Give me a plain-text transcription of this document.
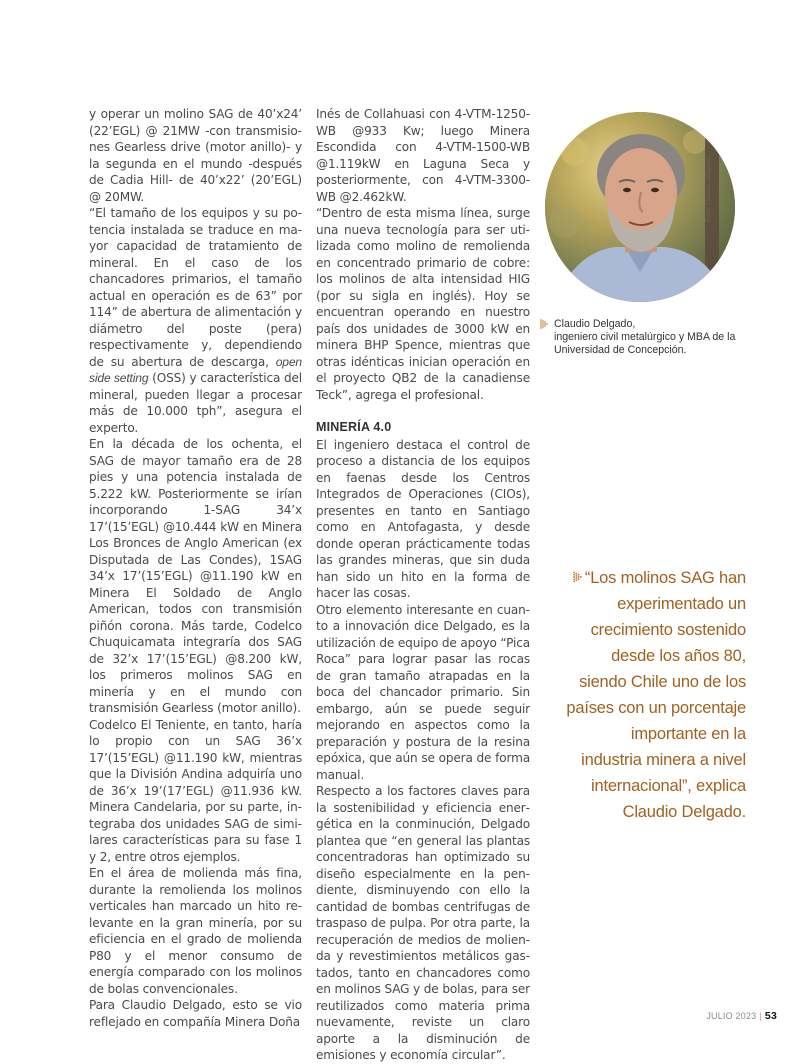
y operar un molino SAG de 40’x24’ (22’EGL) @ 21MW -con transmisiones Gearless drive (motor anillo)- y la segunda en el mundo -después de Cadia Hill- de 40’x22’ (20’EGL) @ 20MW.

“El tamaño de los equipos y su potencia instalada se traduce en mayor capacidad de tratamiento de mineral. En el caso de los chancadores primarios, el tamaño actual en operación es de 63” por 114” de abertura de alimentación y diámetro del poste (pera) respectivamente y, dependiendo de su abertura de descarga, open side setting (OSS) y característica del mineral, pueden llegar a procesar más de 10.000 tph”, asegura el experto.

En la década de los ochenta, el SAG de mayor tamaño era de 28 pies y una potencia instalada de 5.222 kW. Posteriormente se irían incorporando 1-SAG 34’x 17’(15’EGL) @10.444 kW en Minera Los Bronces de Anglo American (ex Disputada de Las Condes), 1SAG 34’x 17’(15’EGL) @11.190 kW en Minera El Soldado de Anglo American, todos con transmisión piñón corona. Más tarde, Codelco Chuquicamata integraría dos SAG de 32’x 17’(15’EGL) @8.200 kW, los primeros molinos SAG en minería y en el mundo con transmisión Gearless (motor anillo).

Codelco El Teniente, en tanto, haría lo propio con un SAG 36’x 17’(15’EGL) @11.190 kW, mientras que la División Andina adquiría uno de 36’x 19’(17’EGL) @11.936 kW. Minera Candelaria, por su parte, integraba dos unidades SAG de similares características para su fase 1 y 2, entre otros ejemplos.

En el área de molienda más fina, durante la remolienda los molinos verticales han marcado un hito relevante en la gran minería, por su eficiencia en el grado de molienda P80 y el menor consumo de energía comparado con los molinos de bolas convencionales.

Para Claudio Delgado, esto se vio reflejado en compañía Minera Doña

Inés de Collahuasi con 4-VTM-1250-WB @933 Kw; luego Minera Escondida con 4-VTM-1500-WB @1.119kW en Laguna Seca y posteriormente, con 4-VTM-3300-WB @2.462kW.

“Dentro de esta misma línea, surge una nueva tecnología para ser utilizada como molino de remolienda en concentrado primario de cobre: los molinos de alta intensidad HIG (por su sigla en inglés). Hoy se encuentran operando en nuestro país dos unidades de 3000 kW en minera BHP Spence, mientras que otras idénticas inician operación en el proyecto QB2 de la canadiense Teck”, agrega el profesional.

MINERÍA 4.0

El ingeniero destaca el control de proceso a distancia de los equipos en faenas desde los Centros Integrados de Operaciones (CIOs), presentes en tanto en Santiago como en Antofagasta, y desde donde operan prácticamente todas las grandes mineras, que sin duda han sido un hito en la forma de hacer las cosas.

Otro elemento interesante en cuanto a innovación dice Delgado, es la utilización de equipo de apoyo “Pica Roca” para lograr pasar las rocas de gran tamaño atrapadas en la boca del chancador primario. Sin embargo, aún se puede seguir mejorando en aspectos como la preparación y postura de la resina epóxica, que aún se opera de forma manual.

Respecto a los factores claves para la sostenibilidad y eficiencia energética en la conminución, Delgado plantea que “en general las plantas concentradoras han optimizado su diseño especialmente en la pendiente, disminuyendo con ello la cantidad de bombas centrifugas de traspaso de pulpa. Por otra parte, la recuperación de medios de molienda y revestimientos metálicos gastados, tanto en chancadores como en molinos SAG y de bolas, para ser reutilizados como materia prima nuevamente, reviste un claro aporte a la disminución de emisiones y economía circular”.

Foto: Claudio Delgado
Claudio Delgado,
ingeniero civil metalúrgico y MBA de la
Universidad de Concepción.
“Los molinos SAG han
experimentado un
crecimiento sostenido
desde los años 80,
siendo Chile uno de los
países con un porcentaje
importante en la
industria minera a nivel
internacional”, explica
Claudio Delgado.
JULIO 2023 | 53
